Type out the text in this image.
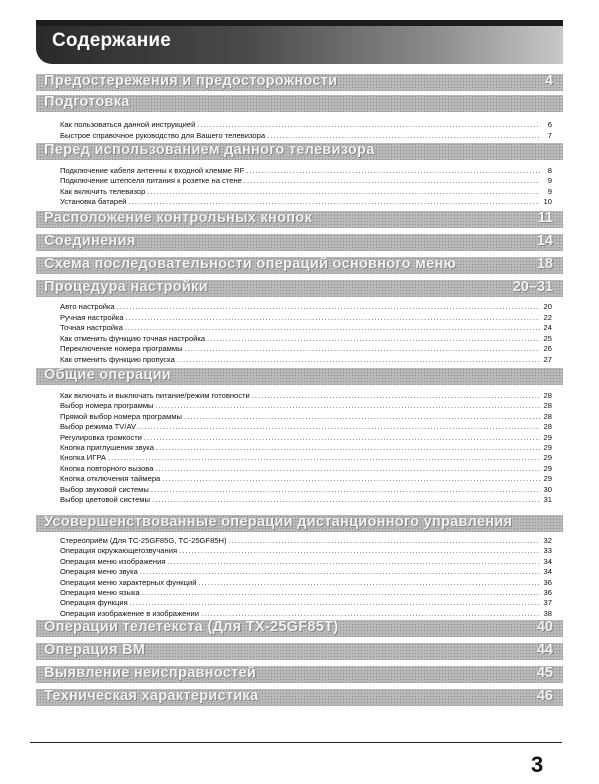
Содержание
Предостережения и предосторожности	4
Подготовка
Как пользоваться данной инструкцией .....	6
Быстрое справочное руководство для Вашего телевизора .....	7
Перед использованием данного телевизора
Подключение кабеля антенны к входной клемме RF .....	8
Подключение штепселя питания к розетке на стене .....	9
Как включить телевизор .....	9
Установка батарей .....	10
Расположение контрольных кнопок	11
Соединения	14
Схема последовательности операций основного меню	18
Процедура настройки	20–31
Авто настройка .....	20
Ручная настройка .....	22
Точная настройка .....	24
Как отменить функцию точная настройка .....	25
Переключение номера программы .....	26
Как отменить функцию пропуска .....	27
Общие операции
Как включать и выключать питание/режим готовности .....	28
Выбор номера программы .....	28
Прямой выбор номера программы .....	28
Выбор режима TV/AV .....	28
Регулировка громкости .....	29
Кнопка приглушения звука .....	29
Кнопка ИГРА .....	29
Кнопка повторного вызова .....	29
Кнопка отключения таймера .....	29
Выбор звуковой системы .....	30
Выбор цветовой системы .....	31
Усовершенствованные операции дистанционного управления
Стереоприём (Для ТС-25GF85G, ТС-25GF85H) .....	32
Операция окружающегозвучания .....	33
Операция меню изображения .....	34
Операция меню звука .....	34
Операция меню характерных функций .....	36
Операция меню языка .....	36
Операция функция .....	37
Операция изображение в изображении .....	38
Операции телетекста (Для ТХ-25GF85Т)	40
Операция ВМ	44
Выявление неисправностей	45
Техническая характеристика	46
3
